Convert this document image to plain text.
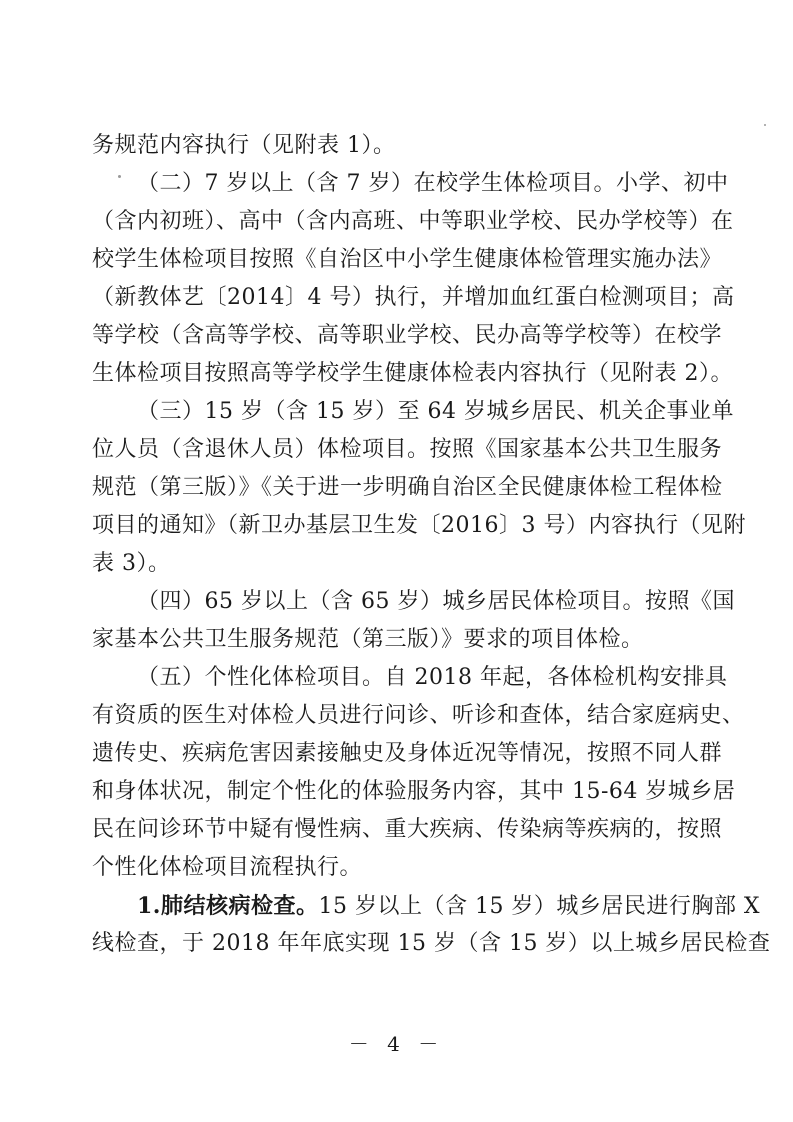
务规范内容执行（见附表 1）。
（二）7 岁以上（含 7 岁）在校学生体检项目。小学、初中
（含内初班）、高中（含内高班、中等职业学校、民办学校等）在
校学生体检项目按照《自治区中小学生健康体检管理实施办法》
（新教体艺〔2014〕4 号）执行，并增加血红蛋白检测项目；高
等学校（含高等学校、高等职业学校、民办高等学校等）在校学
生体检项目按照高等学校学生健康体检表内容执行（见附表 2）。
（三）15 岁（含 15 岁）至 64 岁城乡居民、机关企事业单
位人员（含退休人员）体检项目。按照《国家基本公共卫生服务
规范（第三版）》《关于进一步明确自治区全民健康体检工程体检
项目的通知》（新卫办基层卫生发〔2016〕3 号）内容执行（见附
表 3）。
（四）65 岁以上（含 65 岁）城乡居民体检项目。按照《国
家基本公共卫生服务规范（第三版）》要求的项目体检。
（五）个性化体检项目。自 2018 年起，各体检机构安排具
有资质的医生对体检人员进行问诊、听诊和查体，结合家庭病史、
遗传史、疾病危害因素接触史及身体近况等情况，按照不同人群
和身体状况，制定个性化的体验服务内容，其中 15-64 岁城乡居
民在问诊环节中疑有慢性病、重大疾病、传染病等疾病的，按照
个性化体检项目流程执行。
1.肺结核病检查。15 岁以上（含 15 岁）城乡居民进行胸部 X
线检查，于 2018 年年底实现 15 岁（含 15 岁）以上城乡居民检查
－ 4 －
